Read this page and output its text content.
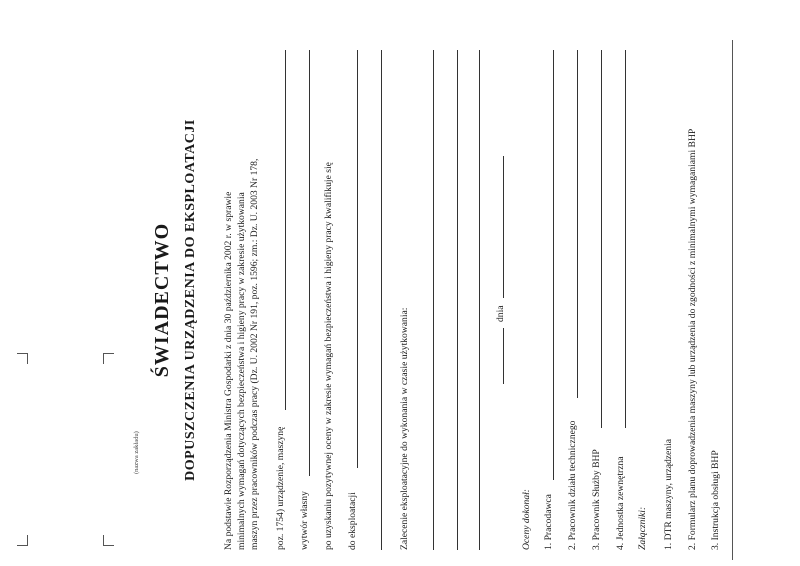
(nazwa zakładu)
ŚWIADECTWO DOPUSZCZENIA URZĄDZENIA DO EKSPLOATACJI	Na podstawie Rozporządzenia Ministra Gospodarki z dnia 30 października 2002 r. w sprawie minimalnych wymagań dotyczących bezpieczeństwa i higieny pracy w zakresie użytkowania maszyn przez pracowników podczas pracy (Dz. U. 2002 Nr 191, poz. 1596; zm.: Dz. U. 2003 Nr 178, poz. 1754) urządzenie, maszynę wytwór własny po uzyskaniu pozytywnej oceny w zakresie wymagań bezpieczeństwa i higieny pracy kwalifikuje się do eksploatacji	Zalecenie eksploatacyjne do wykonania w czasie użytkowania:	dnia
Oceny dokonał: 1. Pracodawca 2. Pracownik działu technicznego 3. Pracownik Służby BHP 4. Jednostka zewnętrzna Załączniki: 1. DTR maszyny, urządzenia 2. Formularz planu doprowadzenia maszyny lub urządzenia do zgodności z minimalnymi wymaganiami BHP 3. Instrukcja obsługi BHP
